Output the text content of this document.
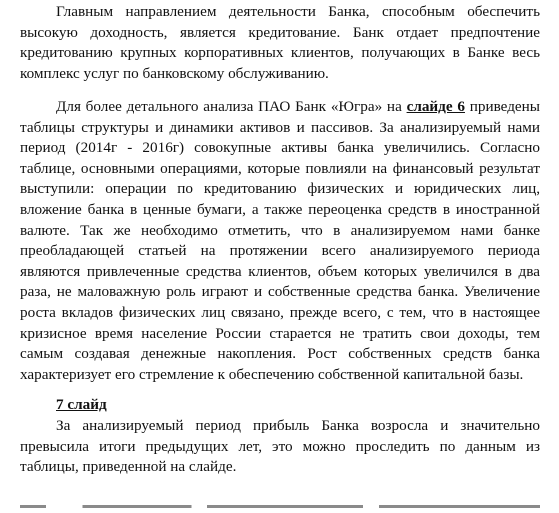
Главным направлением деятельности Банка, способным обеспечить высокую доходность, является кредитование. Банк отдает предпочтение кредитованию крупных корпоративных клиентов, получающих в Банке весь комплекс услуг по банковскому обслуживанию.

Для более детального анализа ПАО Банк «Югра» на слайде 6 приведены таблицы структуры и динамики активов и пассивов. За анализируемый нами период (2014г - 2016г) совокупные активы банка увеличились. Согласно таблице, основными операциями, которые повлияли на финансовый результат выступили: операции по кредитованию физических и юридических лиц, вложение банка в ценные бумаги, а также переоценка средств в иностранной валюте. Так же необходимо отметить, что в анализируемом нами банке преобладающей статьей на протяжении всего анализируемого периода являются привлеченные средства клиентов, объем которых увеличился в два раза, не маловажную роль играют и собственные средства банка. Увеличение роста вкладов физических лиц связано, прежде всего, с тем, что в настоящее кризисное время население России старается не тратить свои доходы, тем самым создавая денежные накопления. Рост собственных средств банка характеризует его стремление к обеспечению собственной капитальной базы.

7 слайд

За анализируемый период прибыль Банка возросла и значительно превысила итоги предыдущих лет, это можно проследить по данным из таблицы, приведенной на слайде.
